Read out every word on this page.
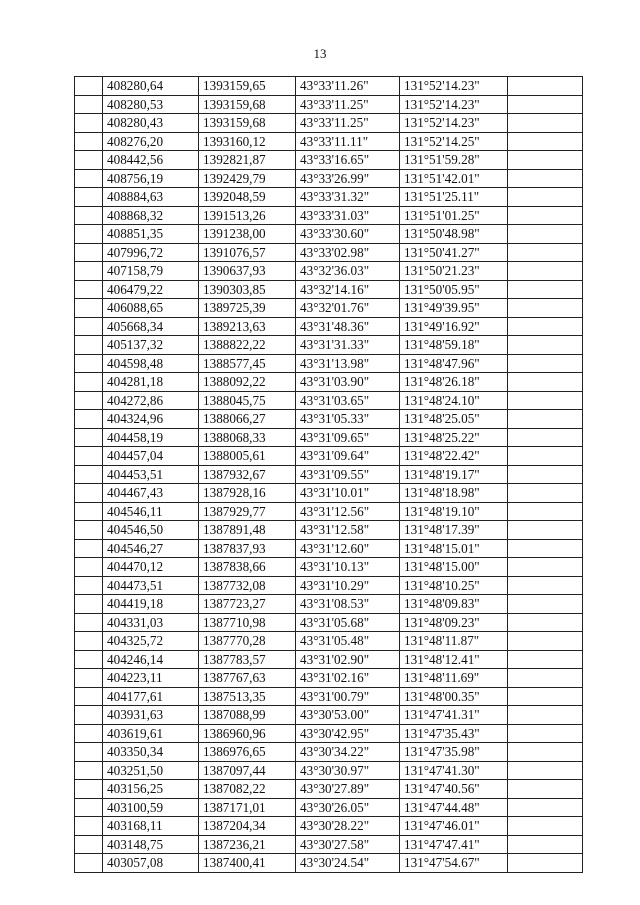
13
	408280,64	1393159,65	43°33'11.26"	131°52'14.23"	
	408280,53	1393159,68	43°33'11.25"	131°52'14.23"	
	408280,43	1393159,68	43°33'11.25"	131°52'14.23"	
	408276,20	1393160,12	43°33'11.11"	131°52'14.25"	
	408442,56	1392821,87	43°33'16.65"	131°51'59.28"	
	408756,19	1392429,79	43°33'26.99"	131°51'42.01"	
	408884,63	1392048,59	43°33'31.32"	131°51'25.11"	
	408868,32	1391513,26	43°33'31.03"	131°51'01.25"	
	408851,35	1391238,00	43°33'30.60"	131°50'48.98"	
	407996,72	1391076,57	43°33'02.98"	131°50'41.27"	
	407158,79	1390637,93	43°32'36.03"	131°50'21.23"	
	406479,22	1390303,85	43°32'14.16"	131°50'05.95"	
	406088,65	1389725,39	43°32'01.76"	131°49'39.95"	
	405668,34	1389213,63	43°31'48.36"	131°49'16.92"	
	405137,32	1388822,22	43°31'31.33"	131°48'59.18"	
	404598,48	1388577,45	43°31'13.98"	131°48'47.96"	
	404281,18	1388092,22	43°31'03.90"	131°48'26.18"	
	404272,86	1388045,75	43°31'03.65"	131°48'24.10"	
	404324,96	1388066,27	43°31'05.33"	131°48'25.05"	
	404458,19	1388068,33	43°31'09.65"	131°48'25.22"	
	404457,04	1388005,61	43°31'09.64"	131°48'22.42"	
	404453,51	1387932,67	43°31'09.55"	131°48'19.17"	
	404467,43	1387928,16	43°31'10.01"	131°48'18.98"	
	404546,11	1387929,77	43°31'12.56"	131°48'19.10"	
	404546,50	1387891,48	43°31'12.58"	131°48'17.39"	
	404546,27	1387837,93	43°31'12.60"	131°48'15.01"	
	404470,12	1387838,66	43°31'10.13"	131°48'15.00"	
	404473,51	1387732,08	43°31'10.29"	131°48'10.25"	
	404419,18	1387723,27	43°31'08.53"	131°48'09.83"	
	404331,03	1387710,98	43°31'05.68"	131°48'09.23"	
	404325,72	1387770,28	43°31'05.48"	131°48'11.87"	
	404246,14	1387783,57	43°31'02.90"	131°48'12.41"	
	404223,11	1387767,63	43°31'02.16"	131°48'11.69"	
	404177,61	1387513,35	43°31'00.79"	131°48'00.35"	
	403931,63	1387088,99	43°30'53.00"	131°47'41.31"	
	403619,61	1386960,96	43°30'42.95"	131°47'35.43"	
	403350,34	1386976,65	43°30'34.22"	131°47'35.98"	
	403251,50	1387097,44	43°30'30.97"	131°47'41.30"	
	403156,25	1387082,22	43°30'27.89"	131°47'40.56"	
	403100,59	1387171,01	43°30'26.05"	131°47'44.48"	
	403168,11	1387204,34	43°30'28.22"	131°47'46.01"	
	403148,75	1387236,21	43°30'27.58"	131°47'47.41"	
	403057,08	1387400,41	43°30'24.54"	131°47'54.67"	
